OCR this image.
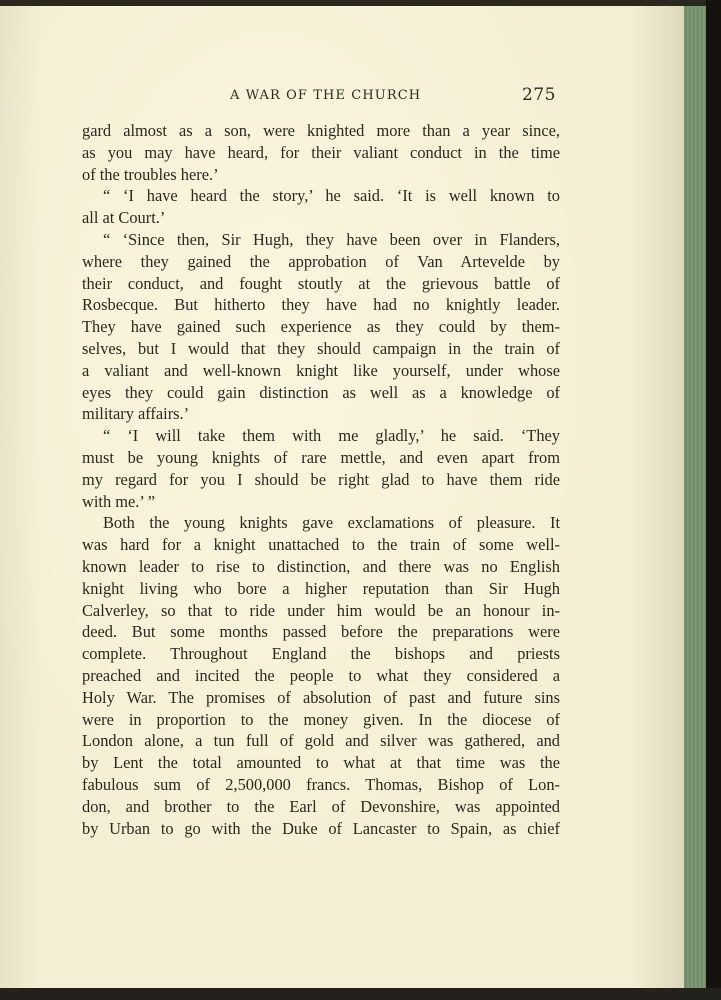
A WAR OF THE CHURCH	275
gard almost as a son, were knighted more than a year since,
as you may have heard, for their valiant conduct in the time
of the troubles here.’
“ ‘I have heard the story,’ he said. ‘It is well known to
all at Court.’
“ ‘Since then, Sir Hugh, they have been over in Flanders,
where they gained the approbation of Van Artevelde by
their conduct, and fought stoutly at the grievous battle of
Rosbecque. But hitherto they have had no knightly leader.
They have gained such experience as they could by them-
selves, but I would that they should campaign in the train of
a valiant and well-known knight like yourself, under whose
eyes they could gain distinction as well as a knowledge of
military affairs.’
“ ‘I will take them with me gladly,’ he said. ‘They
must be young knights of rare mettle, and even apart from
my regard for you I should be right glad to have them ride
with me.’ ”
Both the young knights gave exclamations of pleasure. It
was hard for a knight unattached to the train of some well-
known leader to rise to distinction, and there was no English
knight living who bore a higher reputation than Sir Hugh
Calverley, so that to ride under him would be an honour in-
deed. But some months passed before the preparations were
complete. Throughout England the bishops and priests
preached and incited the people to what they considered a
Holy War. The promises of absolution of past and future sins
were in proportion to the money given. In the diocese of
London alone, a tun full of gold and silver was gathered, and
by Lent the total amounted to what at that time was the
fabulous sum of 2,500,000 francs. Thomas, Bishop of Lon-
don, and brother to the Earl of Devonshire, was appointed
by Urban to go with the Duke of Lancaster to Spain, as chief
